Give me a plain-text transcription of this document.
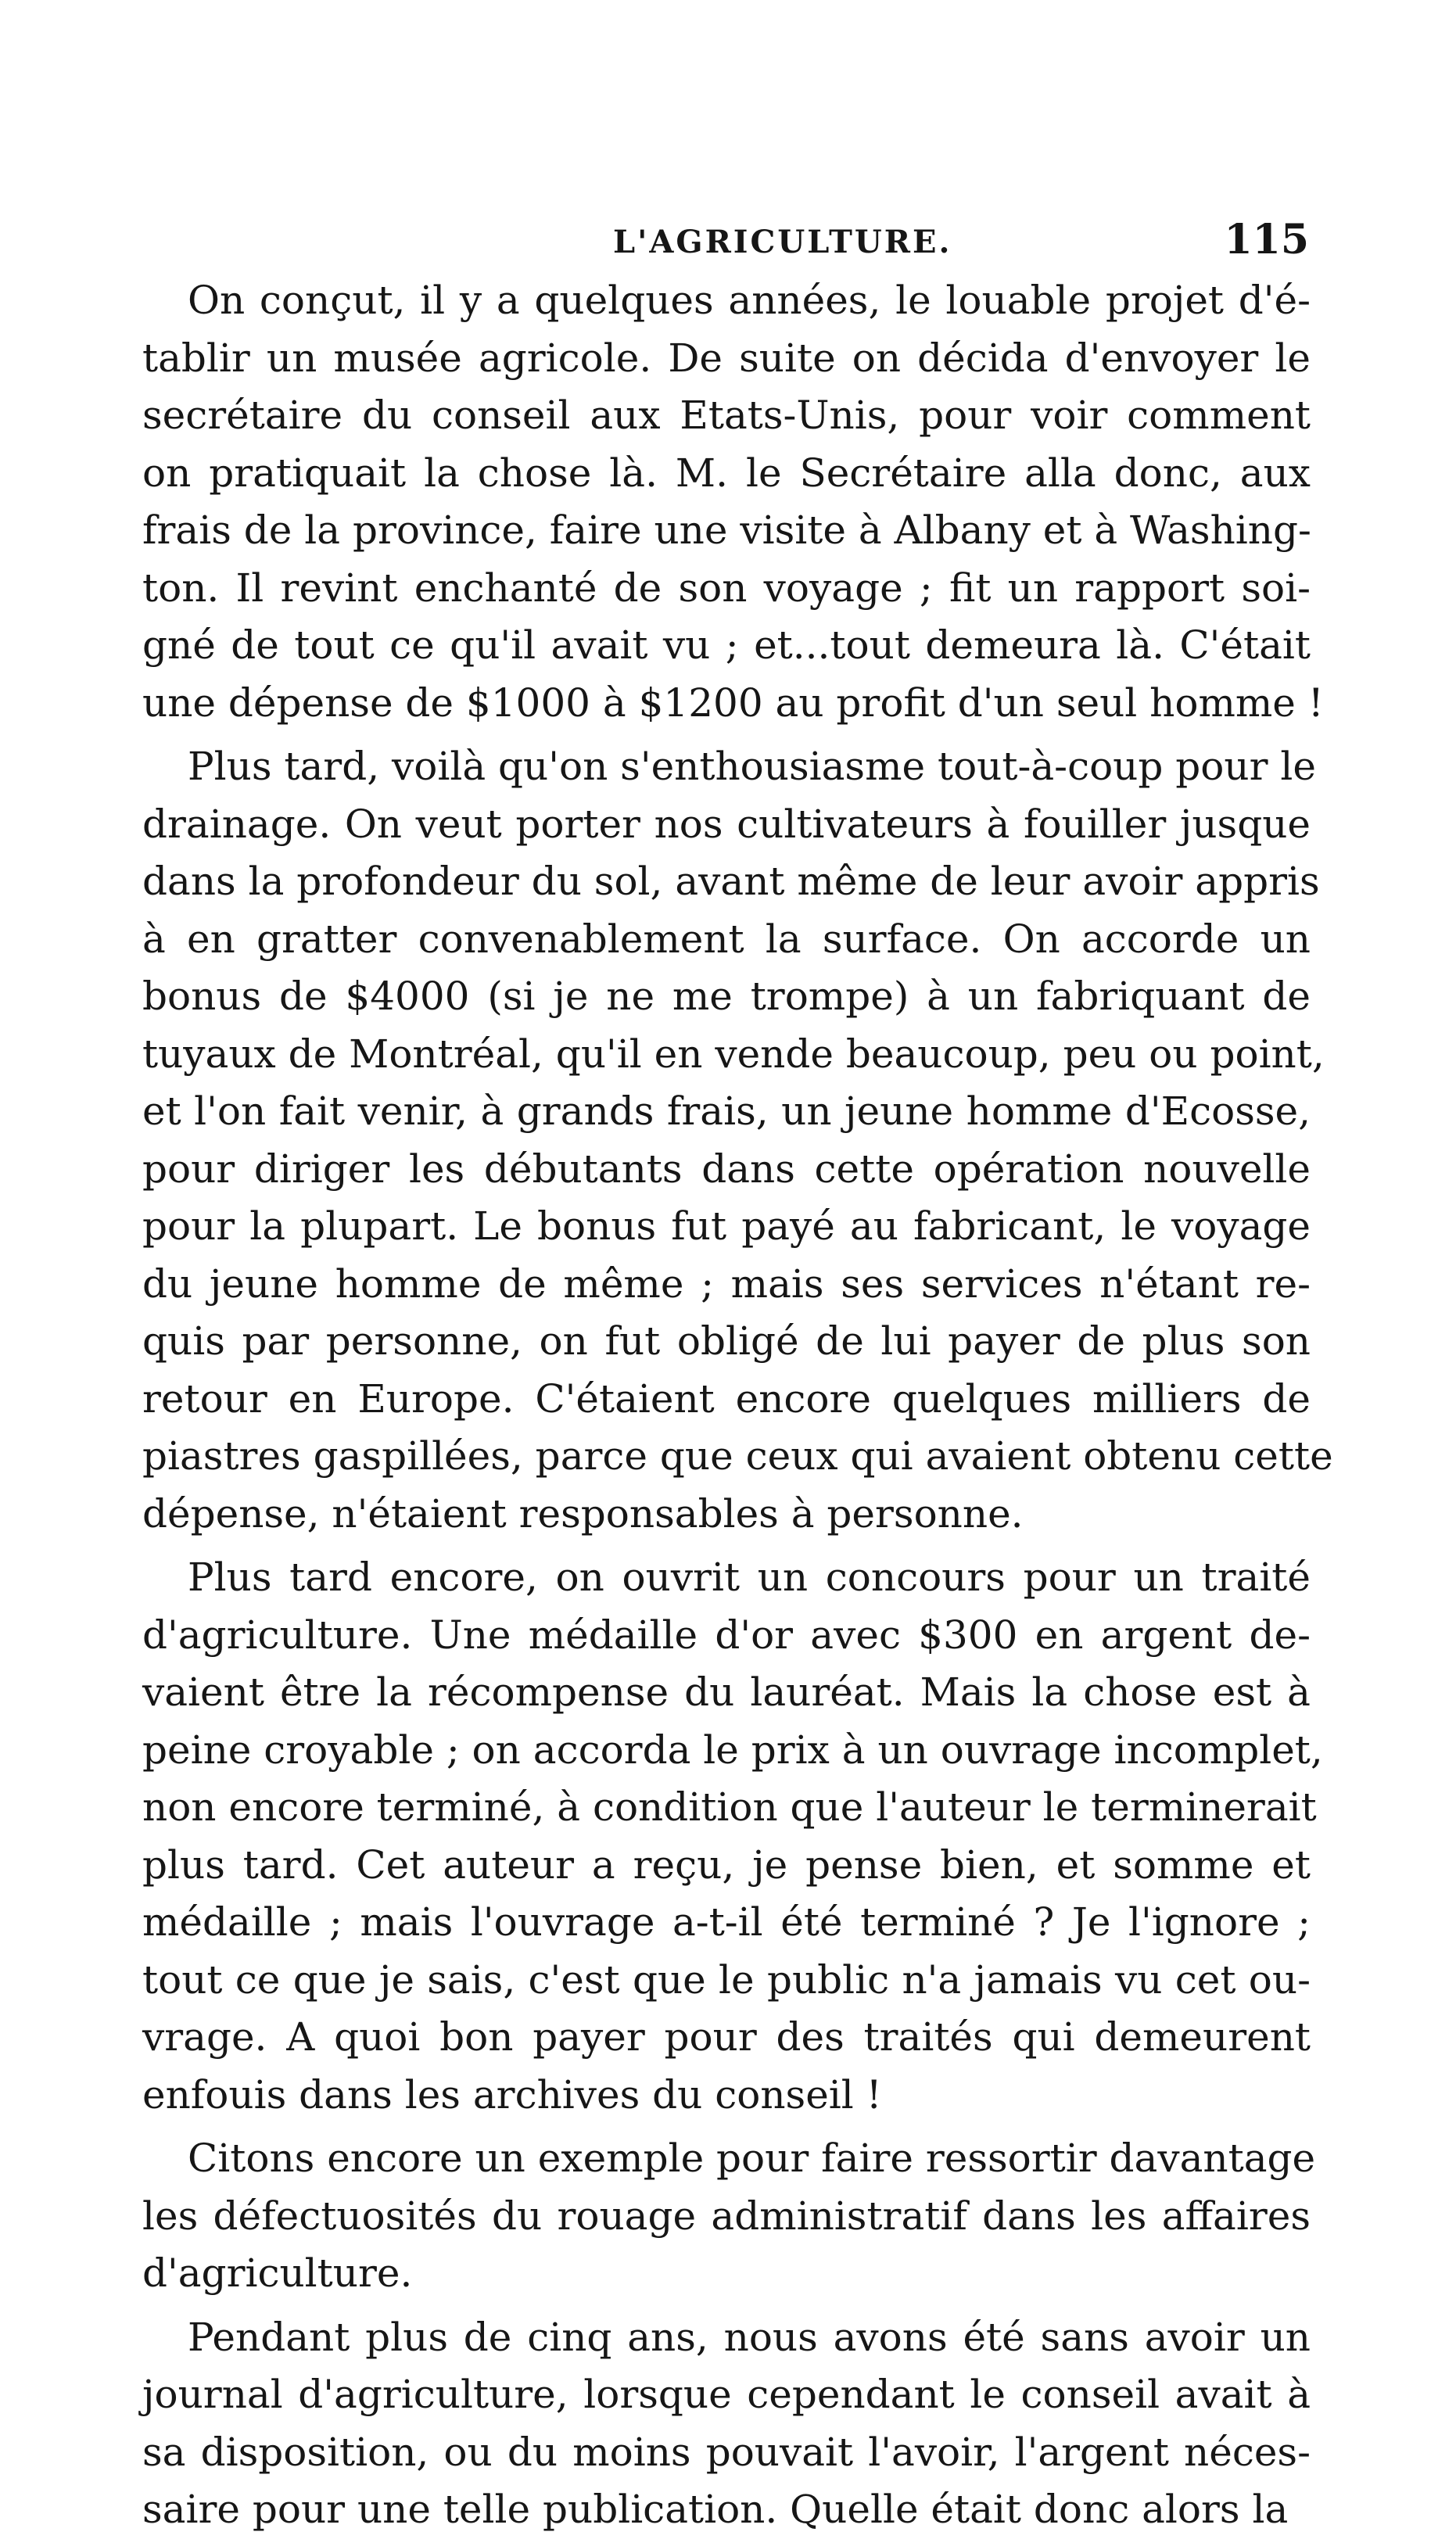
L'AGRICULTURE.	115
On conçut, il y a quelques années, le louable projet d'é-
tablir un musée agricole. De suite on décida d'envoyer le
secrétaire du conseil aux Etats-Unis, pour voir comment
on pratiquait la chose là. M. le Secrétaire alla donc, aux
frais de la province, faire une visite à Albany et à Washing-
ton. Il revint enchanté de son voyage ; fit un rapport soi-
gné de tout ce qu'il avait vu ; et...tout demeura là. C'était
une dépense de $1000 à $1200 au profit d'un seul homme !
Plus tard, voilà qu'on s'enthousiasme tout-à-coup pour le
drainage. On veut porter nos cultivateurs à fouiller jusque
dans la profondeur du sol, avant même de leur avoir appris
à en gratter convenablement la surface. On accorde un
bonus de $4000 (si je ne me trompe) à un fabriquant de
tuyaux de Montréal, qu'il en vende beaucoup, peu ou point,
et l'on fait venir, à grands frais, un jeune homme d'Ecosse,
pour diriger les débutants dans cette opération nouvelle
pour la plupart. Le bonus fut payé au fabricant, le voyage
du jeune homme de même ; mais ses services n'étant re-
quis par personne, on fut obligé de lui payer de plus son
retour en Europe. C'étaient encore quelques milliers de
piastres gaspillées, parce que ceux qui avaient obtenu cette
dépense, n'étaient responsables à personne.
Plus tard encore, on ouvrit un concours pour un traité
d'agriculture. Une médaille d'or avec $300 en argent de-
vaient être la récompense du lauréat. Mais la chose est à
peine croyable ; on accorda le prix à un ouvrage incomplet,
non encore terminé, à condition que l'auteur le terminerait
plus tard. Cet auteur a reçu, je pense bien, et somme et
médaille ; mais l'ouvrage a-t-il été terminé ? Je l'ignore ;
tout ce que je sais, c'est que le public n'a jamais vu cet ou-
vrage. A quoi bon payer pour des traités qui demeurent
enfouis dans les archives du conseil !
Citons encore un exemple pour faire ressortir davantage
les défectuosités du rouage administratif dans les affaires
d'agriculture.
Pendant plus de cinq ans, nous avons été sans avoir un
journal d'agriculture, lorsque cependant le conseil avait à
sa disposition, ou du moins pouvait l'avoir, l'argent néces-
saire pour une telle publication. Quelle était donc alors la
